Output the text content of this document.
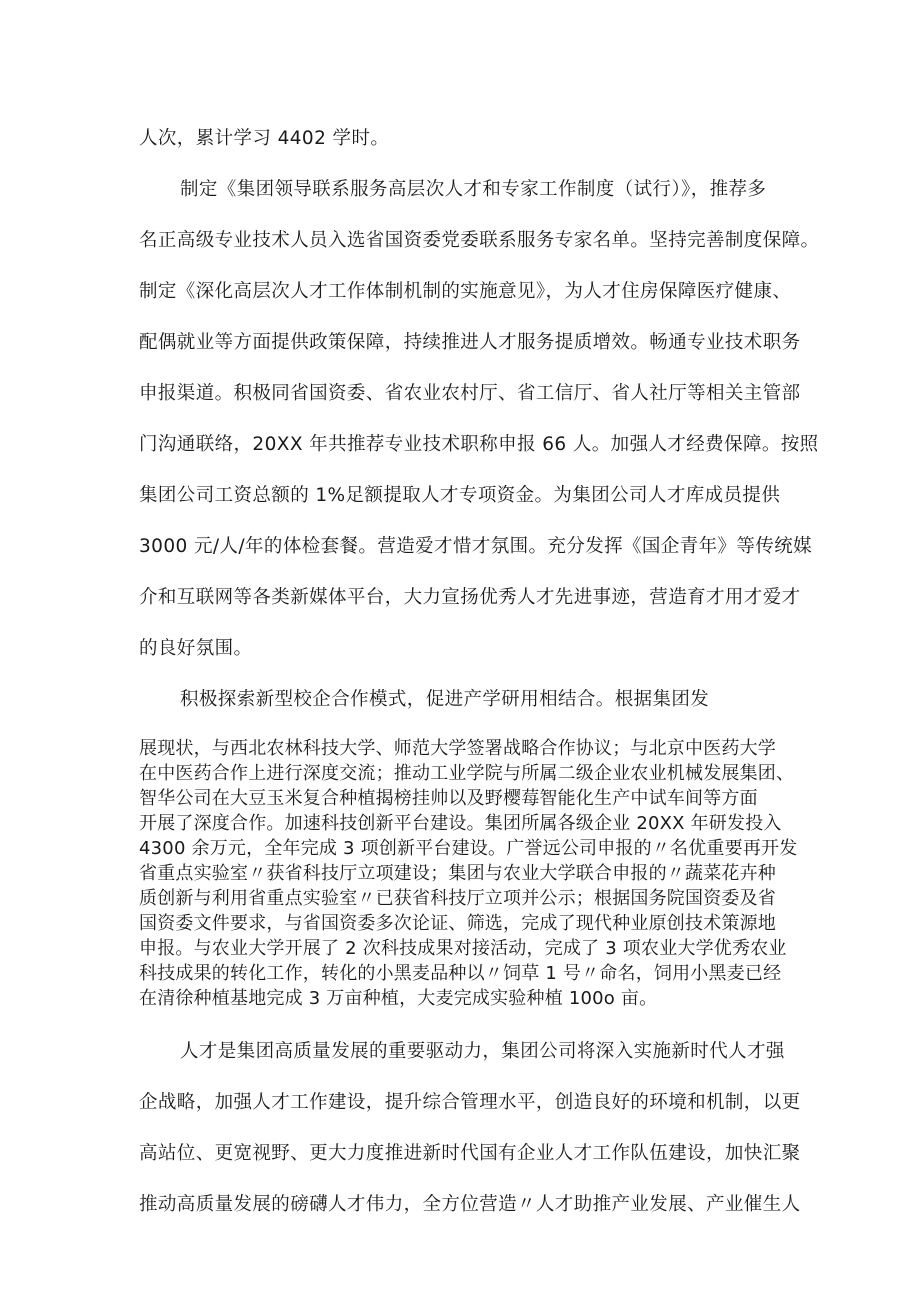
人次，累计学习 4402 学时。
制定《集团领导联系服务高层次人才和专家工作制度（试行）》，推荐多
名正高级专业技术人员入选省国资委党委联系服务专家名单。坚持完善制度保障。
制定《深化高层次人才工作体制机制的实施意见》，为人才住房保障医疗健康、
配偶就业等方面提供政策保障，持续推进人才服务提质增效。畅通专业技术职务
申报渠道。积极同省国资委、省农业农村厅、省工信厅、省人社厅等相关主管部
门沟通联络，20XX 年共推荐专业技术职称申报 66 人。加强人才经费保障。按照
集团公司工资总额的 1%足额提取人才专项资金。为集团公司人才库成员提供
3000 元/人/年的体检套餐。营造爱才惜才氛围。充分发挥《国企青年》等传统媒
介和互联网等各类新媒体平台，大力宣扬优秀人才先进事迹，营造育才用才爱才
的良好氛围。
积极探索新型校企合作模式，促进产学研用相结合。根据集团发
展现状，与西北农林科技大学、师范大学签署战略合作协议；与北京中医药大学
在中医药合作上进行深度交流；推动工业学院与所属二级企业农业机械发展集团、
智华公司在大豆玉米复合种植揭榜挂帅以及野樱莓智能化生产中试车间等方面
开展了深度合作。加速科技创新平台建设。集团所属各级企业 20XX 年研发投入
4300 余万元，全年完成 3 项创新平台建设。广誉远公司申报的〃名优重要再开发
省重点实验室〃获省科技厅立项建设；集团与农业大学联合申报的〃蔬菜花卉种
质创新与利用省重点实验室〃已获省科技厅立项并公示；根据国务院国资委及省
国资委文件要求，与省国资委多次论证、筛选，完成了现代种业原创技术策源地
申报。与农业大学开展了 2 次科技成果对接活动，完成了 3 项农业大学优秀农业
科技成果的转化工作，转化的小黑麦品种以〃饲草 1 号〃命名，饲用小黑麦已经
在清徐种植基地完成 3 万亩种植，大麦完成实验种植 100o 亩。
人才是集团高质量发展的重要驱动力，集团公司将深入实施新时代人才强
企战略，加强人才工作建设，提升综合管理水平，创造良好的环境和机制，以更
高站位、更宽视野、更大力度推进新时代国有企业人才工作队伍建设，加快汇聚
推动高质量发展的磅礴人才伟力，全方位营造〃人才助推产业发展、产业催生人
